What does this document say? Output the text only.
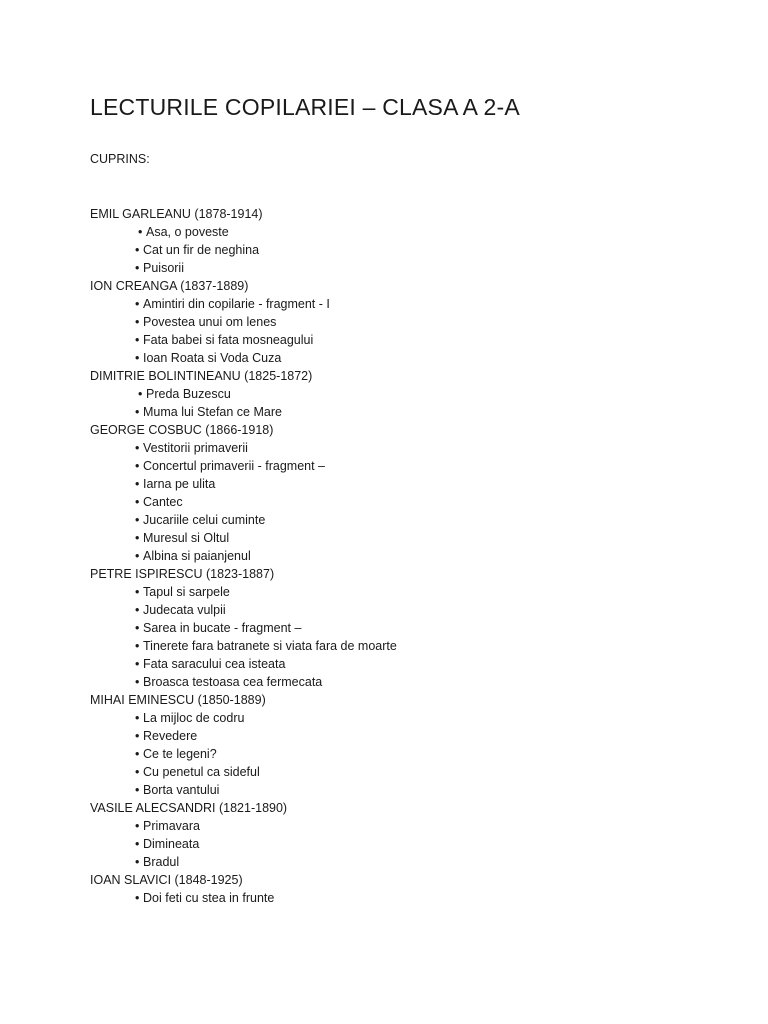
LECTURILE COPILARIEI – CLASA A 2-A

CUPRINS:

EMIL GARLEANU (1878-1914)
• Asa, o poveste
• Cat un fir de neghina
• Puisorii
ION CREANGA (1837-1889)
• Amintiri din copilarie - fragment - I
• Povestea unui om lenes
• Fata babei si fata mosneagului
• Ioan Roata si Voda Cuza
DIMITRIE BOLINTINEANU (1825-1872)
• Preda Buzescu
• Muma lui Stefan ce Mare
GEORGE COSBUC (1866-1918)
• Vestitorii primaverii
• Concertul primaverii - fragment –
• Iarna pe ulita
• Cantec
• Jucariile celui cuminte
• Muresul si Oltul
• Albina si paianjenul
PETRE ISPIRESCU (1823-1887)
• Tapul si sarpele
• Judecata vulpii
• Sarea in bucate - fragment –
• Tinerete fara batranete si viata fara de moarte
• Fata saracului cea isteata
• Broasca testoasa cea fermecata
MIHAI EMINESCU (1850-1889)
• La mijloc de codru
• Revedere
• Ce te legeni?
• Cu penetul ca sideful
• Borta vantului
VASILE ALECSANDRI (1821-1890)
• Primavara
• Dimineata
• Bradul
IOAN SLAVICI (1848-1925)
• Doi feti cu stea in frunte
